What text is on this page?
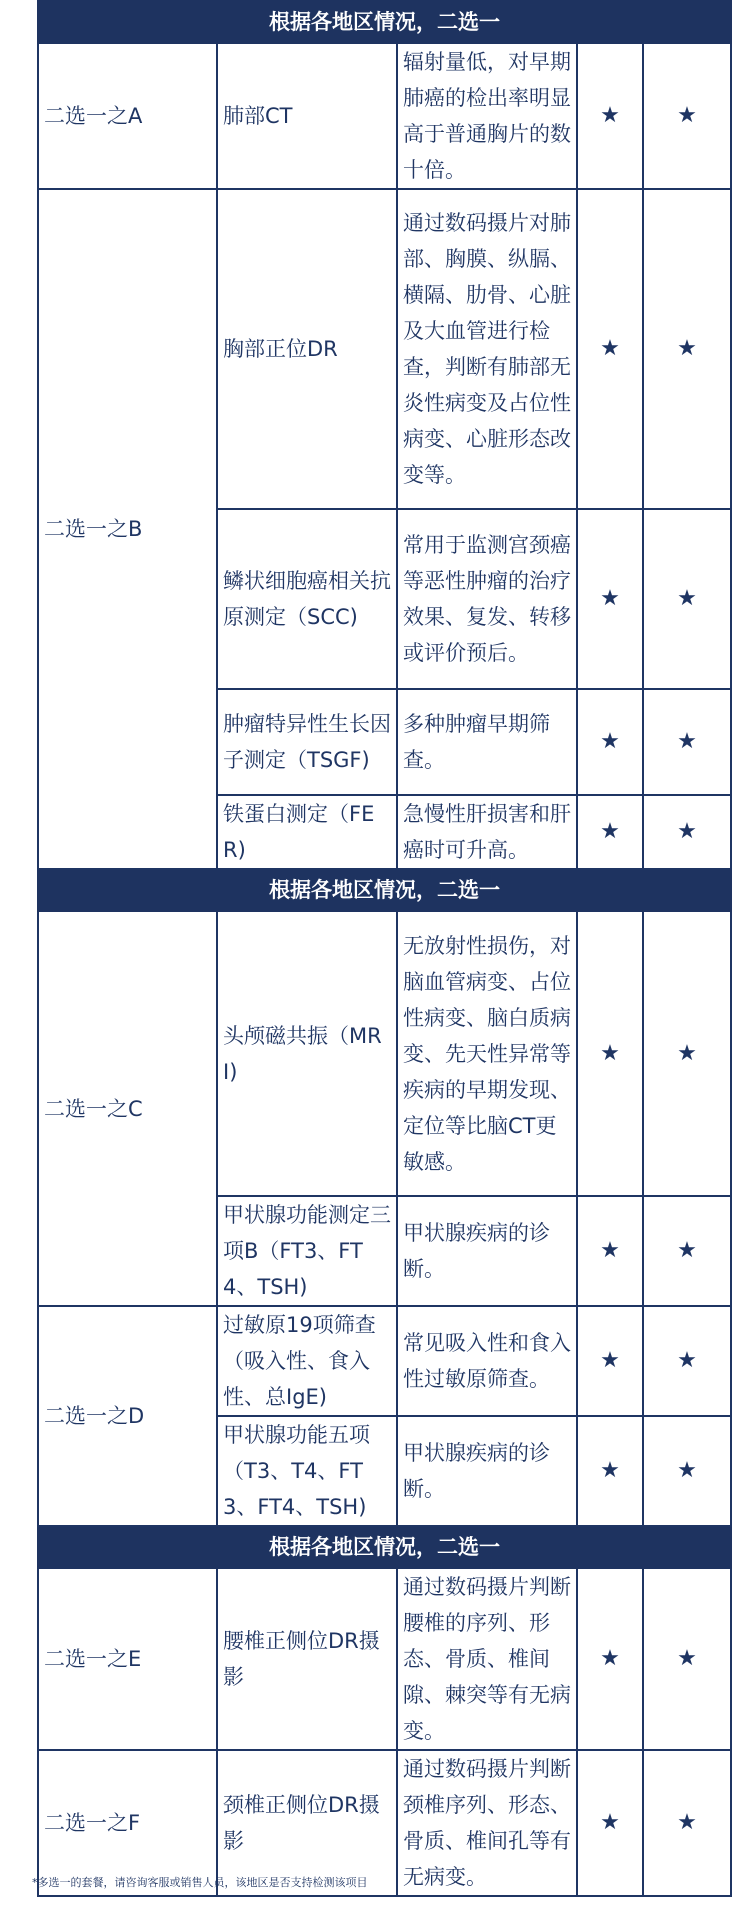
根据各地区情况，二选一				
二选一之A	肺部CT	辐射量低，对早期肺癌的检出率明显高于普通胸片的数十倍。	★	★
二选一之B	胸部正位DR	通过数码摄片对肺部、胸膜、纵膈、横隔、肋骨、心脏及大血管进行检查，判断有肺部无炎性病变及占位性病变、心脏形态改变等。	★	★
	鳞状细胞癌相关抗原测定（SCC)	常用于监测宫颈癌等恶性肿瘤的治疗效果、复发、转移或评价预后。	★	★
	肿瘤特异性生长因子测定（TSGF)	多种肿瘤早期筛查。	★	★
	铁蛋白测定（FER)	急慢性肝损害和肝癌时可升高。	★	★
根据各地区情况，二选一				
二选一之C	头颅磁共振（MRI)	无放射性损伤，对脑血管病变、占位性病变、脑白质病变、先天性异常等疾病的早期发现、定位等比脑CT更敏感。	★	★
	甲状腺功能测定三项B（FT3、FT4、TSH)	甲状腺疾病的诊断。	★	★
二选一之D	过敏原19项筛查（吸入性、食入性、总IgE)	常见吸入性和食入性过敏原筛查。	★	★
	甲状腺功能五项（T3、T4、FT3、FT4、TSH)	甲状腺疾病的诊断。	★	★
根据各地区情况，二选一				
二选一之E	腰椎正侧位DR摄影	通过数码摄片判断腰椎的序列、形态、骨质、椎间隙、棘突等有无病变。	★	★
二选一之F	颈椎正侧位DR摄影	通过数码摄片判断颈椎序列、形态、骨质、椎间孔等有无病变。	★	★
*多选一的套餐，请咨询客服或销售人员，该地区是否支持检测该项目
